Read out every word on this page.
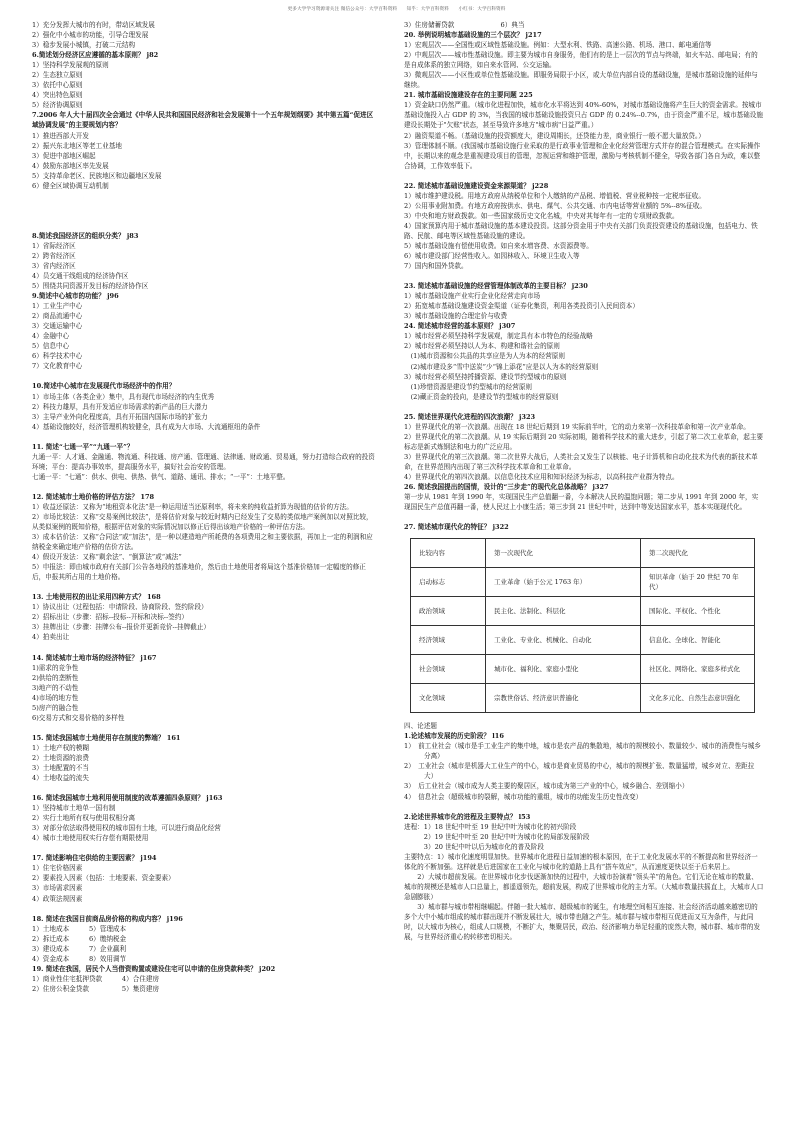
更多大学学习资源请关注 微信公众号：大学百科资料 知乎：大学百科资料 小红书：大学百科资料
1）充分发挥大城市的有时，带动区域发展
2）强化中小城市的功能，引导合理发展
3）稳步发展小城镇，打破二元结构
6.简述划分经济区应遵循的基本原则？ j82
1）坚持科学发展观的原则
2）生态独立原则
3）依托中心原则
4）突出特色原则
5）经济协调原则
7.2006 年人大十届四次全会通过《中华人民共和国国民经济和社会发展第十一个五年规划纲要》其中第五篇“促进区域协调发展”的主要规划内容？
1）推进西部大开发
2）振兴东北地区等老工业基地
3）促进中部地区崛起
4）鼓励东部地区率先发展
5）支持革命老区、民族地区和边疆地区发展
6）健全区域协调互动机制
8.简述我国经济区的组织分类？ j83
1）省际经济区
2）跨省经济区
3）省内经济区
4）员交通干线组成的经济协作区
5）围绕共同资源开发目标的经济协作区
9.简述中心城市的功能？ j96
1）工业生产中心
2）商品流通中心
3）交通运输中心
4）金融中心
5）信息中心
6）科学技术中心
7）文化教育中心
10.简述中心城市在发展现代市场经济中的作用？
1）市场主体（各类企业）集中，具有现代市场经济的内生优秀
2）科技力雄厚，具有开发适应市场需求的新产品的巨大潜力
3）主导产业外向化程度高，具有开拓国内国际市场的扩张力
4）基础设施较好，经济管理机构较健全，具有成为大市场、大流通枢纽的条件
11. 简述“七通一平”“九通一平”？
九通一平：人才通、金融通、物流通、科技通、房产通、管理通、法律通、财政通、贸易通，努力打造综合政府的投资环境；平台：提高办事效率，提高服务水平，搞好社会治安的管理。
七通一平：“七通”：供水、供电、供热、供气、道路、通讯、排水；“一平”：土地平整。
12. 简述城市土地价格的评估方法？ 178
1）收益还原法：又称为“地租资本化法”是一种运用适当还原利率，将未来的纯收益折算为现值的估价的方法。
2）市场比较法：又称“交易案例比较法”，是将估价对象与较近时期内已经发生了交易的类似地产案例加以对照比较，从类似案例的既知价格，根据评估对象的实际情况加以修正后得出该地产价格的一种评估方法。
3）成本估价法：又称“合同法”或“加法”，是一种以建造地产所耗费的各项费用之和主要依据，再加上一定的利润和应纳税金来确定地产价格的估价方法。
4）假设开发法：又称“剩余法”、“倒算法”或“减法”
5）申报法：即由城市政府有关部门公告各地段的基准地价，然后由土地使用者将局这个基准价格加一定幅度的修正后，申报其所占用的土地价格。
13. 土地使用权的出让采用四种方式？ 168
1）协议出让（过程包括：申请阶段、协商阶段、签约阶段）
2）招标出让（步骤：招标--投标--开标和决标--签约）
3）挂牌出让（步骤：挂牌公布--报价并更新竞价--挂牌截止）
4）拍卖出让
14. 简述城市土地市场的经济特征？ j167
1)需求的竞争性
2)供给的垄断性
3)地产的不动性
4)市场的地方性
5)房产的融合性
6)交易方式和交易价格的多样性
15. 简述我国城市土地使用存在制度的弊端？ 161
1）土地产权的模糊
2）土地资源的浪费
3）土地配置的不当
4）土地收益的流失
16. 简述我国城市土地利用使用制度的改革遵循四条原则？ j163
1）坚持城市土地单一国有制
2）实行土地所有权与使用权相分离
3）对部分依法取得使用权的城市国有土地，可以进行商品化经营
4）城市土地使用权实行存偿有期限使用
17. 简述影响住宅供给的主要因素？ j194
1）住宅价格因素
2）要素投入因素（包括：土地要素、资金要素）
3）市场需求因素
4）政策法规因素
18. 简述在我国目前商品房价格的构成内容？ j196
1）土地成本　　　5）管理成本
2）拆迁成本　　　6）缴纳税金
3）建设成本　　　7）企业赢利
4）资金成本　　　8）效用调节
19. 简述在我国，居民个人当借资购置或建设住宅可以申请的住房贷款种类？ j202
1）商业性住宅抵押贷款　　　4）合住建房
2）住房公积金贷款　　　　　5）集资建房
3）住房储蓄贷款　　　　　　　6）典当
20. 举例说明城市基础设施的三个层次？ j217
1）宏观层次——全国性或区域性基础设施。例如：大型水利、铁路、高速公路、机场、港口、邮电通信等
2）中观层次——城市性基础设施。即主要为城市自身服务，他们有的是上一层次的节点与终端，如火车站、邮电局；有的是自成体系的独立网络，如自来水管网、公交运输。
3）微观层次——小区性或单位性基础设施。即服务局限于小区，或大单位内部自设的基础设施，是城市基础设施的延伸与继续。
21. 城市基础设施建设存在的主要问题 225
1）资金缺口仍然严重。（城市化进程加快，城市化水平将达到 40%-60%，对城市基础设施将产生巨大的资金需求。按城市基础设施投入占 GDP 的 3%，当我国的城市基础设施投资只占 GDP 的 0.24%--0.7%，由于资金严重不足，城市基础设施建设长期处于"欠账"状态，甚至导致许多地方"城市病"日益严重。）
2）融资渠道不畅。（基础设施的投资额度大，建设周期长，还贷能力差，商业银行一般不愿大量放贷。）
3）管理体制不顺。(我国城市基础设施行业采取的是行政事业管理和企业化经营管理方式并存的混合管理模式。在实际操作中，长期以来的观念是重视建设项目的管理，忽视运营和维护管理，激励与考核机制不健全，导致各部门各自为政，难以整合协调，工作效率低下。
22. 简述城市基础设施建设资金来源渠道？ j228
1）城市维护建设税。用地方政府从纳税单位和个人缴纳的产品税、增值税、营业税种按一定税率征收。
2）公用事业附加费。有地方政府按供水、供电、煤气、公共交通、市内电话等营业额的 5%--8%征收。
3）中央和地方财政拨款。如一些国家级历史文化名城，中央对其每年有一定的专项财政拨款。
4）国家预算内用于城市基础设施的基本建设投资。这部分资金用于中央有关部门负责投资建设的基础设施，包括电力、铁路、民航、邮电等区域性基础设施的建设。
5）城市基础设施有偿使用收费。如自来水增容费、水资源费等。
6）城市建设部门经营性收入。如园林收入、环境卫生收入等
7）国内和国外贷款。
23. 简述城市基础设施的经营管理体制改革的主要目标？ j230
1）城市基础设施产业实行企业化经营走向市场
2）拓宽城市基础设施建设资金渠道（证券化集资，利用各类投资引入民间资本）
3）城市基础设施的合理定价与收费
24. 简述城市经营的基本原则？ j307
1）城市经营必须坚持科学发展观，制定具有本市特色的经验战略
2）城市经营必须坚持以人为本、构建和谐社会的原则
　(1)城市资源和公共品的共享应是为人为本的经营原则
　(2)城市建设多“雪中送炭”少“锦上添花”应是以人为本的经营原则
3）城市经营必须坚持捋播资源、建设节约型城市的原则
　(1)珍惜资源是建设节约型城市的经营原则
　(2)藏正资金的投向，是建设节约型城市的经营原则
25. 简述世界现代化进程的四次浪潮？ j323
1）世界现代化的第一次浪潮。出现在 18 世纪后期到 19 实际前半叶，它的动力来第一次科技革命和第一次产业革命。
2）世界现代化的第二次浪潮。从 19 实际后期到 20 实际初期，随着科学技术的重大进步，引起了第二次工业革命，起主要标志是新式炼钢法和电力的广泛应用。
3）世界现代化的第三次浪潮。第二次世界大战后，人类社会又发生了以核能、电子计算机和自动化技术为代表的新技术革命，在世界范围内出现了第三次科学技术革命和工业革命。
4）世界现代化的第四次浪潮。以信息化技术应用和知识经济为标志，以高科技产业群为特点。
26. 简述我国提出的国情，设计的“三步走”的现代化总体战略？ j327
第一步从 1981 年到 1990 年，实现国民生产总值翻一番，今本解决人民的温饱问题；第二步从 1991 年到 2000 年，实现国民生产总值再翻一番，使人民过上小康生活；第三步到 21 世纪中叶，达到中等发达国家水平，基本实现现代化。
27. 简述城市现代化的特征？ j322
比较内容	第一次现代化	第二次现代化
启动标志	工业革命（始于公元 1763 年）	知识革命（始于 20 世纪 70 年代）
政治领域	民主化、法制化、科层化	国际化、平权化、个性化
经济领域	工业化、专业化、机械化、自动化	信息化、全球化、智能化
社会领域	城市化、福利化、家庭小型化	社区化、网络化、家庭多样式化
文化领域	宗教世俗话、经济意识普遍化	文化多元化、自然生态意识强化
四、论述题
1.论述城市发展的历史阶段？ l16
1）　前工业社会（城市是手工业生产的集中地，城市是农产品的集散地，城市的规模较小、数量较少、城市的消费性与城乡分离）
2）　工业社会（城市是机器大工业生产的中心，城市是商业贸易的中心，城市的规模扩张、数量猛增，城乡对立、差距拉大）
3）　后工业社会（城市成为人类主要的聚居区，城市成为第三产业的中心，城乡融合、差别缩小）
4）　信息社会（超级城市的裂解，城市功能的重组，城市的功能发生历史性改变）
2.论述世界城市化的进程及主要特点？ l53
进程：1）18 世纪中叶至 19 世纪中叶为城市化的初兴阶段
　　　2）19 世纪中叶至 20 世纪中叶为城市化的局部发展阶段
　　　3）20 世纪中叶以后为城市化的普及阶段
主要特点：1）城市化速度明显加快。世界城市化进程日益加速的根本原因，在于工业化发展水平的不断提高和世界经济一体化的不断加强。这样就是后进国家在工业化与城市化的道路上具有“搭车效应”，从而速度更快以至于后来居上。
2）大城市超前发展。在世界城市化步伐逐渐加快的过程中，大城市扮演着“领头羊”的角色。它们无论在城市的数量、城市的规模还是城市人口总量上，都遥遥领先，超前发展，构成了世界城市化的主力军。（大城市数量扶摇直上，大城市人口急剧膨胀）
3）城市群与城市带相继崛起。伴随一批大城市、超级城市的诞生，有地理空间相互连接、社会经济活动越来越密切的多个大中小城市组成的城市群出现并不断发展壮大，城市带也随之产生。城市群与城市带相互促进而又互为条件，与此同时，以大城市为核心，组成人口规模，不断扩大，集聚居民，政治、经济影响力举足轻重的庞然大物，城市群、城市带的发展，与世界经济重心的转移密切相关。
